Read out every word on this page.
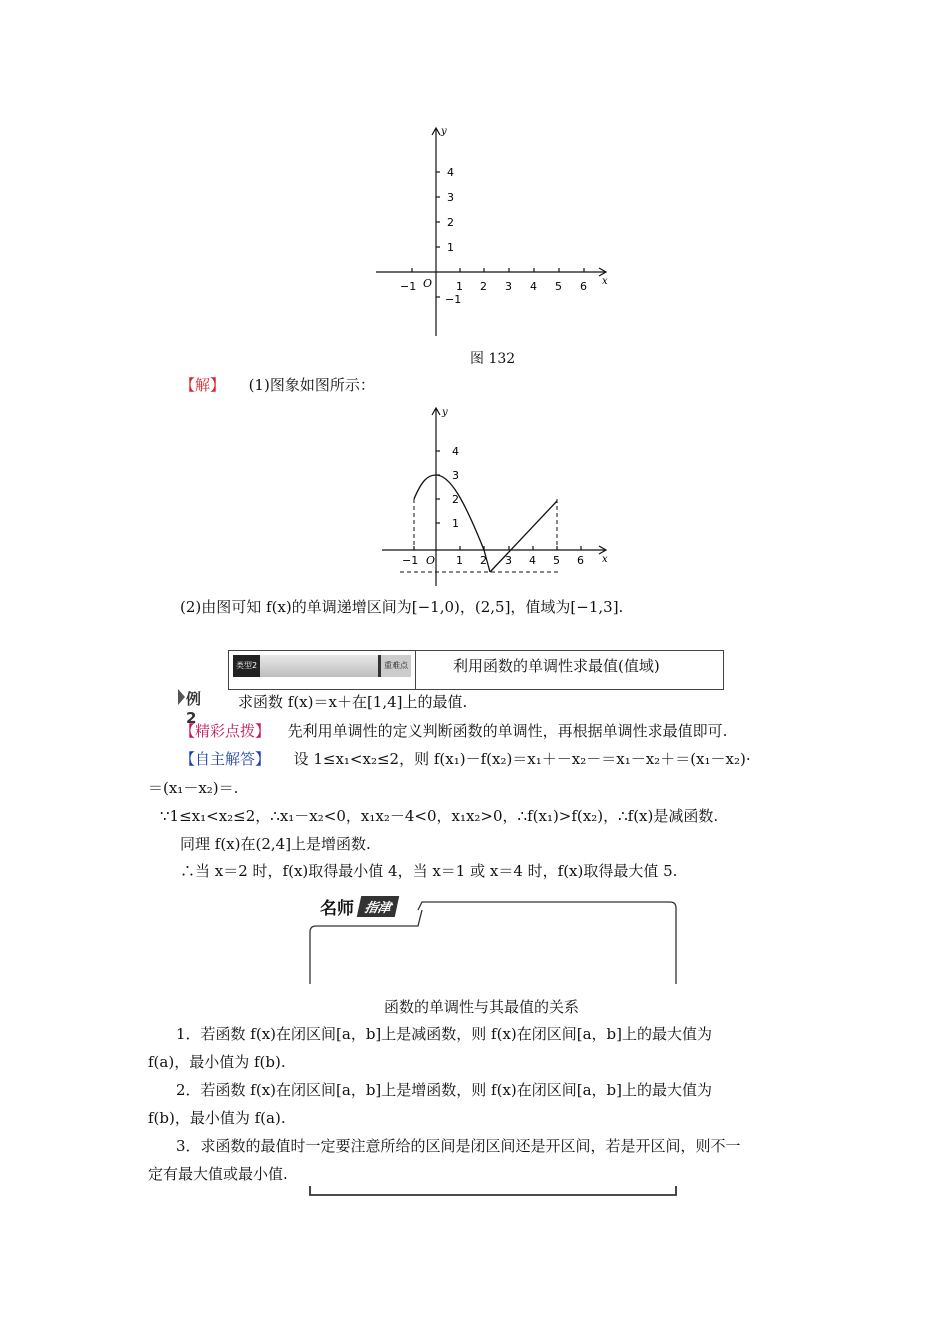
y
x
O
−1	1 2 3 4 5 6
1
2
3
4
−1
图 132
【解】 (1)图象如图所示：
y
x
O
−1	1 2 3 4 5 6
1
2
3
4
(2)由图可知 f(x)的单调递增区间为[−1,0)，(2,5]，值域为[−1,3].
类型2	重难点	利用函数的单调性求最值(值域)
例2
求函数 f(x)＝x＋在[1,4]上的最值.
【精彩点拨】 先利用单调性的定义判断函数的单调性，再根据单调性求最值即可.
【自主解答】 设 1≤x₁<x₂≤2，则 f(x₁)－f(x₂)＝x₁＋－x₂－＝x₁－x₂＋＝(x₁－x₂)·
＝(x₁－x₂)＝.
∵1≤x₁<x₂≤2，∴x₁－x₂<0，x₁x₂－4<0，x₁x₂>0，∴f(x₁)>f(x₂)，∴f(x)是减函数.
同理 f(x)在(2,4]上是增函数.
∴当 x＝2 时，f(x)取得最小值 4，当 x＝1 或 x＝4 时，f(x)取得最大值 5.
名师 指津
函数的单调性与其最值的关系
1．若函数 f(x)在闭区间[a，b]上是减函数，则 f(x)在闭区间[a，b]上的最大值为
f(a)，最小值为 f(b).
2．若函数 f(x)在闭区间[a，b]上是增函数，则 f(x)在闭区间[a，b]上的最大值为
f(b)，最小值为 f(a).
3．求函数的最值时一定要注意所给的区间是闭区间还是开区间，若是开区间，则不一
定有最大值或最小值.
